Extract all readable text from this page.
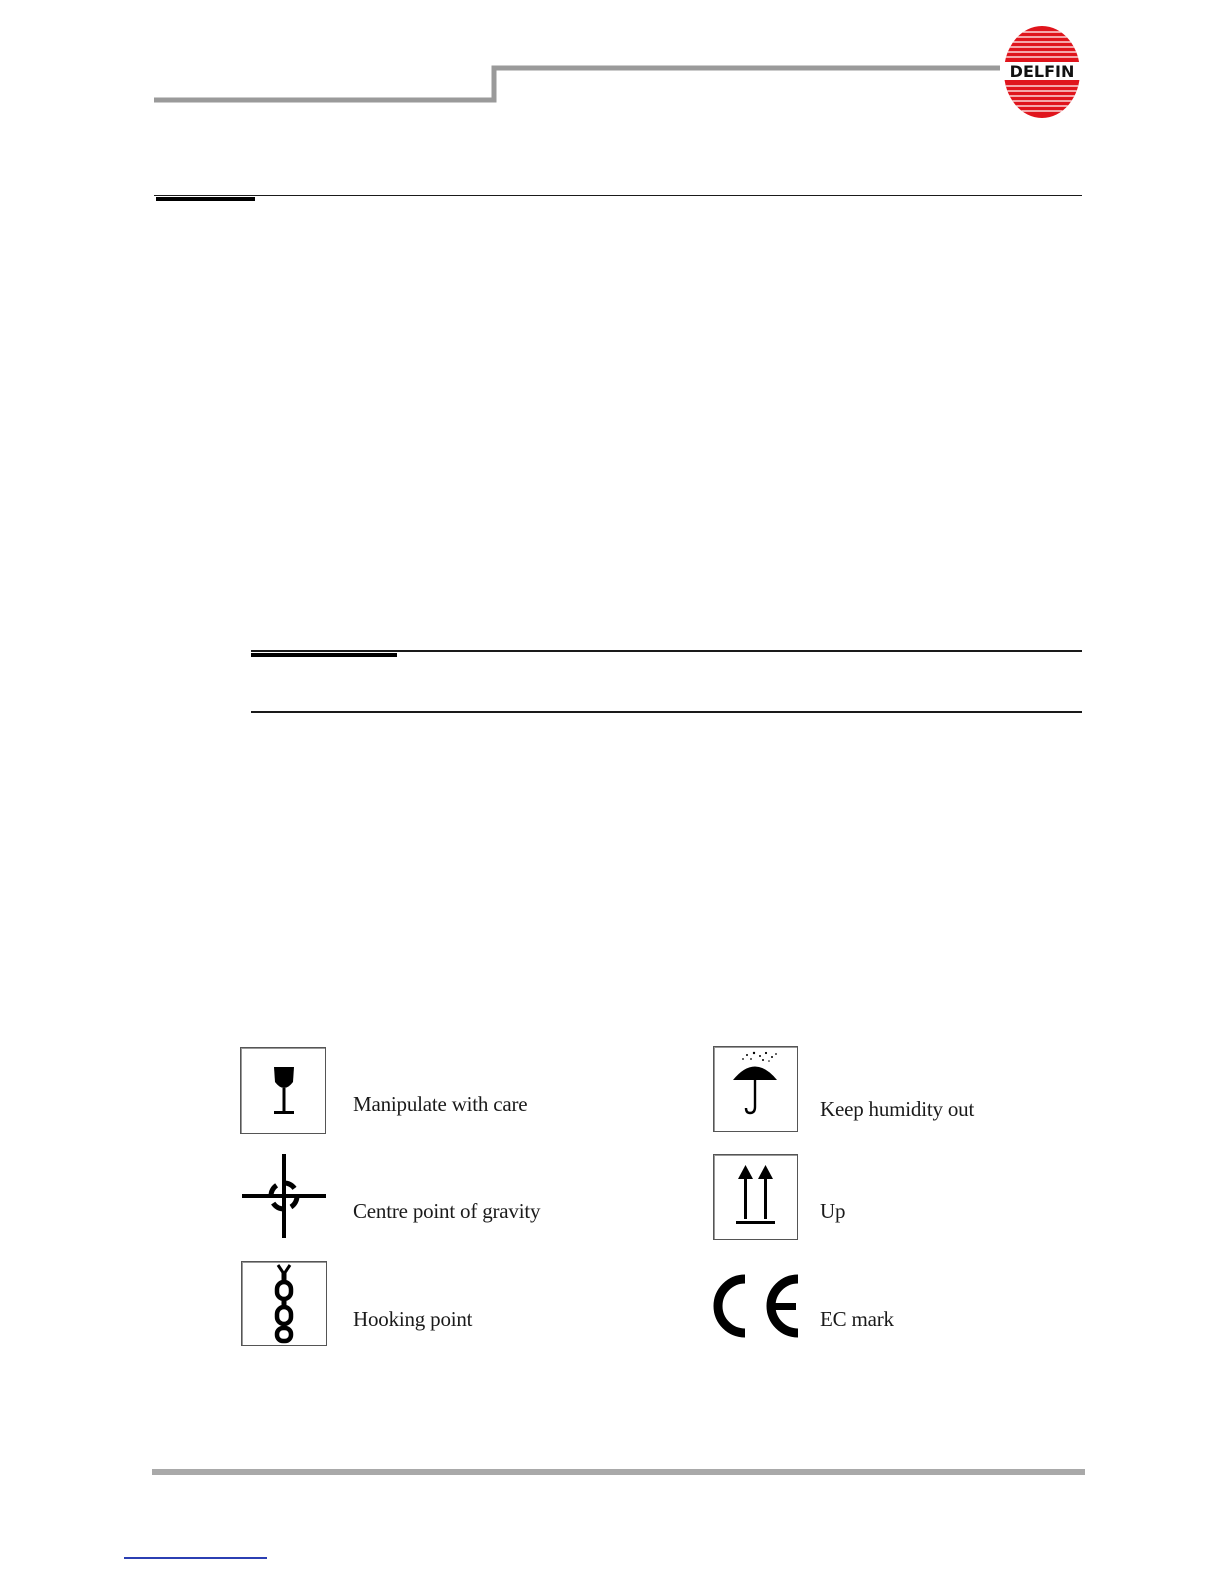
DELFIN
Manipulate with care	Keep humidity out
Centre point of gravity	Up
Hooking point	EC mark
